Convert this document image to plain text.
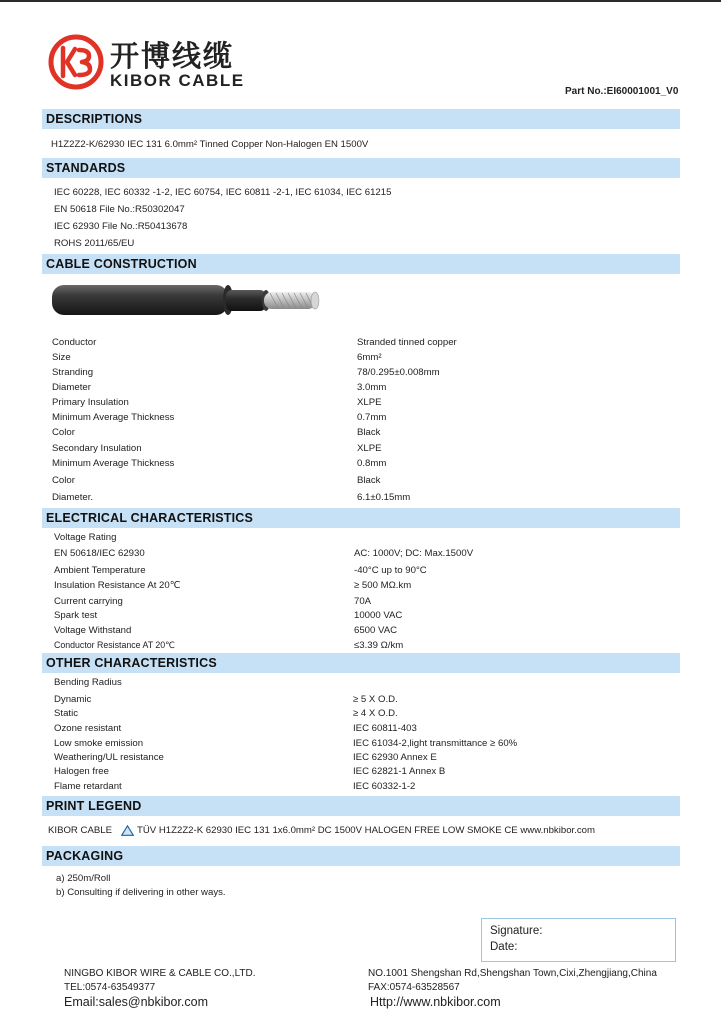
开博线缆
KIBOR CABLE
Part No.:EI60001001_V0
DESCRIPTIONS
H1Z2Z2-K/62930 IEC 131 6.0mm² Tinned Copper Non-Halogen EN 1500V
STANDARDS
IEC 60228, IEC 60332 -1-2, IEC 60754, IEC 60811 -2-1, IEC 61034, IEC 61215
EN 50618 File No.:R50302047
IEC 62930 File No.:R50413678
ROHS 2011/65/EU
CABLE CONSTRUCTION
Conductor	Stranded tinned copper
Size	6mm²
Stranding	78/0.295±0.008mm
Diameter	3.0mm
Primary Insulation	XLPE
Minimum Average Thickness	0.7mm
Color	Black
Secondary Insulation	XLPE
Minimum Average Thickness	0.8mm
Color	Black
Diameter.	6.1±0.15mm
ELECTRICAL CHARACTERISTICS
Voltage Rating
EN 50618/IEC 62930	AC: 1000V; DC: Max.1500V
Ambient Temperature	-40°C up to 90°C
Insulation Resistance At 20℃	≥ 500 MΩ.km
Current carrying	70A
Spark test	10000 VAC
Voltage Withstand	6500 VAC
Conductor Resistance AT 20℃	≤3.39 Ω/km
OTHER CHARACTERISTICS
Bending Radius
Dynamic	≥ 5 X O.D.
Static	≥ 4 X O.D.
Ozone resistant	IEC 60811-403
Low smoke emission	IEC 61034-2,light transmittance ≥ 60%
Weathering/UL resistance	IEC 62930 Annex E
Halogen free	IEC 62821-1 Annex B
Flame retardant	IEC 60332-1-2
PRINT LEGEND
KIBOR CABLE	TÜV H1Z2Z2-K 62930 IEC 131 1x6.0mm² DC 1500V HALOGEN FREE LOW SMOKE CE www.nbkibor.com
PACKAGING
a) 250m/Roll
b) Consulting if delivering in other ways.
Signature:
Date:
NINGBO KIBOR WIRE & CABLE CO.,LTD.
TEL:0574-63549377
Email:sales@nbkibor.com
NO.1001 Shengshan Rd,Shengshan Town,Cixi,Zhengjiang,China
FAX:0574-63528567
Http://www.nbkibor.com
